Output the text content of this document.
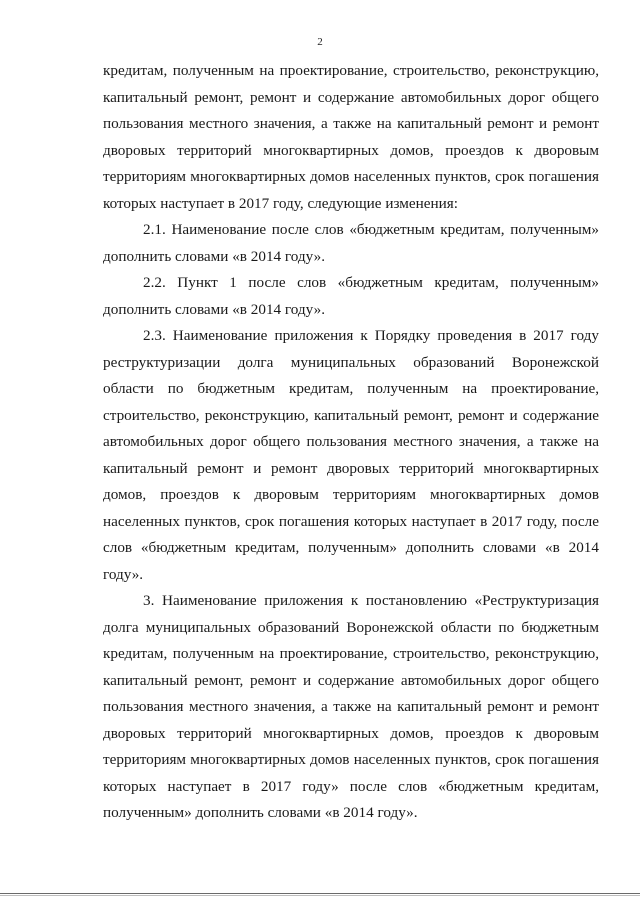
2

кредитам, полученным на проектирование, строительство, реконструкцию, капитальный ремонт, ремонт и содержание автомобильных дорог общего пользования местного значения, а также на капитальный ремонт и ремонт дворовых территорий многоквартирных домов, проездов к дворовым территориям многоквартирных домов населенных пунктов, срок погашения которых наступает в 2017 году, следующие изменения:

2.1. Наименование после слов «бюджетным кредитам, полученным» дополнить словами «в 2014 году».

2.2. Пункт 1 после слов «бюджетным кредитам, полученным» дополнить словами «в 2014 году».

2.3. Наименование приложения к Порядку проведения в 2017 году реструктуризации долга муниципальных образований Воронежской области по бюджетным кредитам, полученным на проектирование, строительство, реконструкцию, капитальный ремонт, ремонт и содержание автомобильных дорог общего пользования местного значения, а также на капитальный ремонт и ремонт дворовых территорий многоквартирных домов, проездов к дворовым территориям многоквартирных домов населенных пунктов, срок погашения которых наступает в 2017 году, после слов «бюджетным кредитам, полученным» дополнить словами «в 2014 году».

3. Наименование приложения к постановлению «Реструктуризация долга муниципальных образований Воронежской области по бюджетным кредитам, полученным на проектирование, строительство, реконструкцию, капитальный ремонт, ремонт и содержание автомобильных дорог общего пользования местного значения, а также на капитальный ремонт и ремонт дворовых территорий многоквартирных домов, проездов к дворовым территориям многоквартирных домов населенных пунктов, срок погашения которых наступает в 2017 году» после слов «бюджетным кредитам, полученным» дополнить словами «в 2014 году».
